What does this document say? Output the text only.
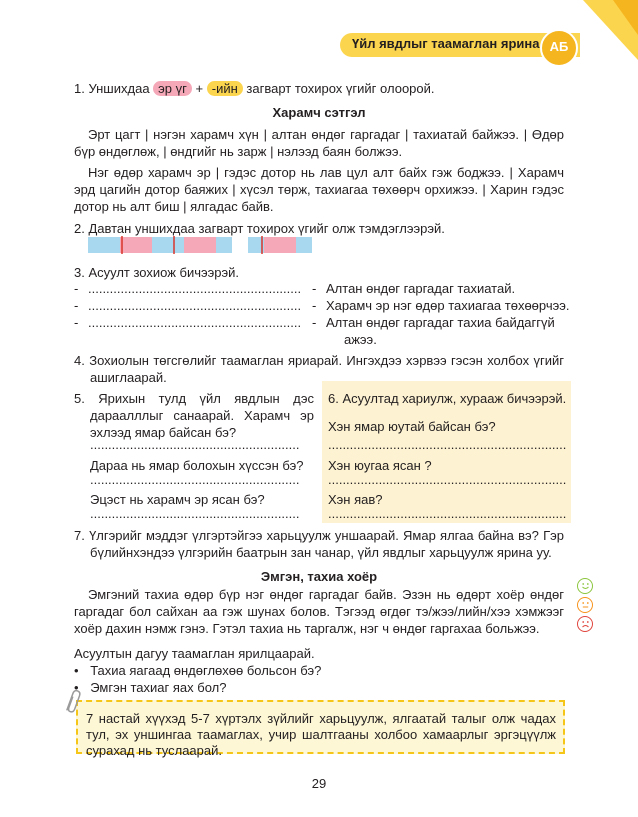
Үйл явдлыг таамаглан ярина АБ
1. Уншихдаа эр үг + -ийн загварт тохирох үгийг олоорой.
Харамч сэтгэл
Эрт цагт | нэгэн харамч хүн | алтан өндөг гаргадаг | тахиатай байжээ. | Өдөр
бүр өндөглөж, | өндгийг нь зарж | нэлээд баян болжээ.
Нэг өдөр харамч эр | гэдэс дотор нь лав цул алт байх гэж боджээ. | Харамч
эрд цагийн дотор баяжих | хүсэл төрж, тахиагаа төхөөрч орхижээ. | Харин гэдэс
дотор нь алт биш | ялгадас байв.
2. Давтан уншихдаа загварт тохирох үгийг олж тэмдэглээрэй.
3. Асуулт зохиож бичээрэй.
- ........................................................... - Алтан өндөг гаргадаг тахиатай.
- ........................................................... - Харамч эр нэг өдөр тахиагаа төхөөрчээ.
- ........................................................... - Алтан өндөг гаргадаг тахиа байдаггүй
ажээ.
4. Зохиолын төгсгөлийг таамаглан яриарай. Ингэхдээ хэрвээ гэсэн холбох үгийг
ашиглаарай.
5. Ярихын тулд үйл явдлын дэс
дараалллыг санаарай. Харамч эр
эхлээд ямар байсан бэ?
..........................................................
Дараа нь ямар болохын хүссэн бэ?
..........................................................
Эцэст нь харамч эр ясан бэ?
..........................................................
6. Асуултад хариулж, хурааж бичээрэй.
Хэн ямар юутай байсан бэ?
..................................................................
Хэн юугаа ясан ?
..................................................................
Хэн яав?
..................................................................
7. Үлгэрийг мэддэг үлгэртэйгээ харьцуулж уншаарай. Ямар ялгаа байна вэ? Гэр
бүлийнхэндээ үлгэрийн баатрын зан чанар, үйл явдлыг харьцуулж ярина уу.
Эмгэн, тахиа хоёр
Эмгэний тахиа өдөр бүр нэг өндөг гаргадаг байв. Эзэн нь өдөрт хоёр өндөг
гаргадаг бол сайхан аа гэж шунах болов. Тэгээд өгдөг тэ/жээ/лийн/хээ хэмжээг
хоёр дахин нэмж гэнэ. Гэтэл тахиа нь таргалж, нэг ч өндөг гаргахаа больжээ.
Асуултын дагуу таамаглан ярилцаарай.
• Тахиа яагаад өндөглөхөө больсон бэ?
• Эмгэн тахиаг яах бол?
7 настай хүүхэд 5-7 хүртэлх зүйлийг харьцуулж, ялгаатай талыг олж чадах
тул, эх уншингаа таамаглах, учир шалтгааны холбоо хамаарлыг эргэцүүлж
сурахад нь туслаарай.
29
